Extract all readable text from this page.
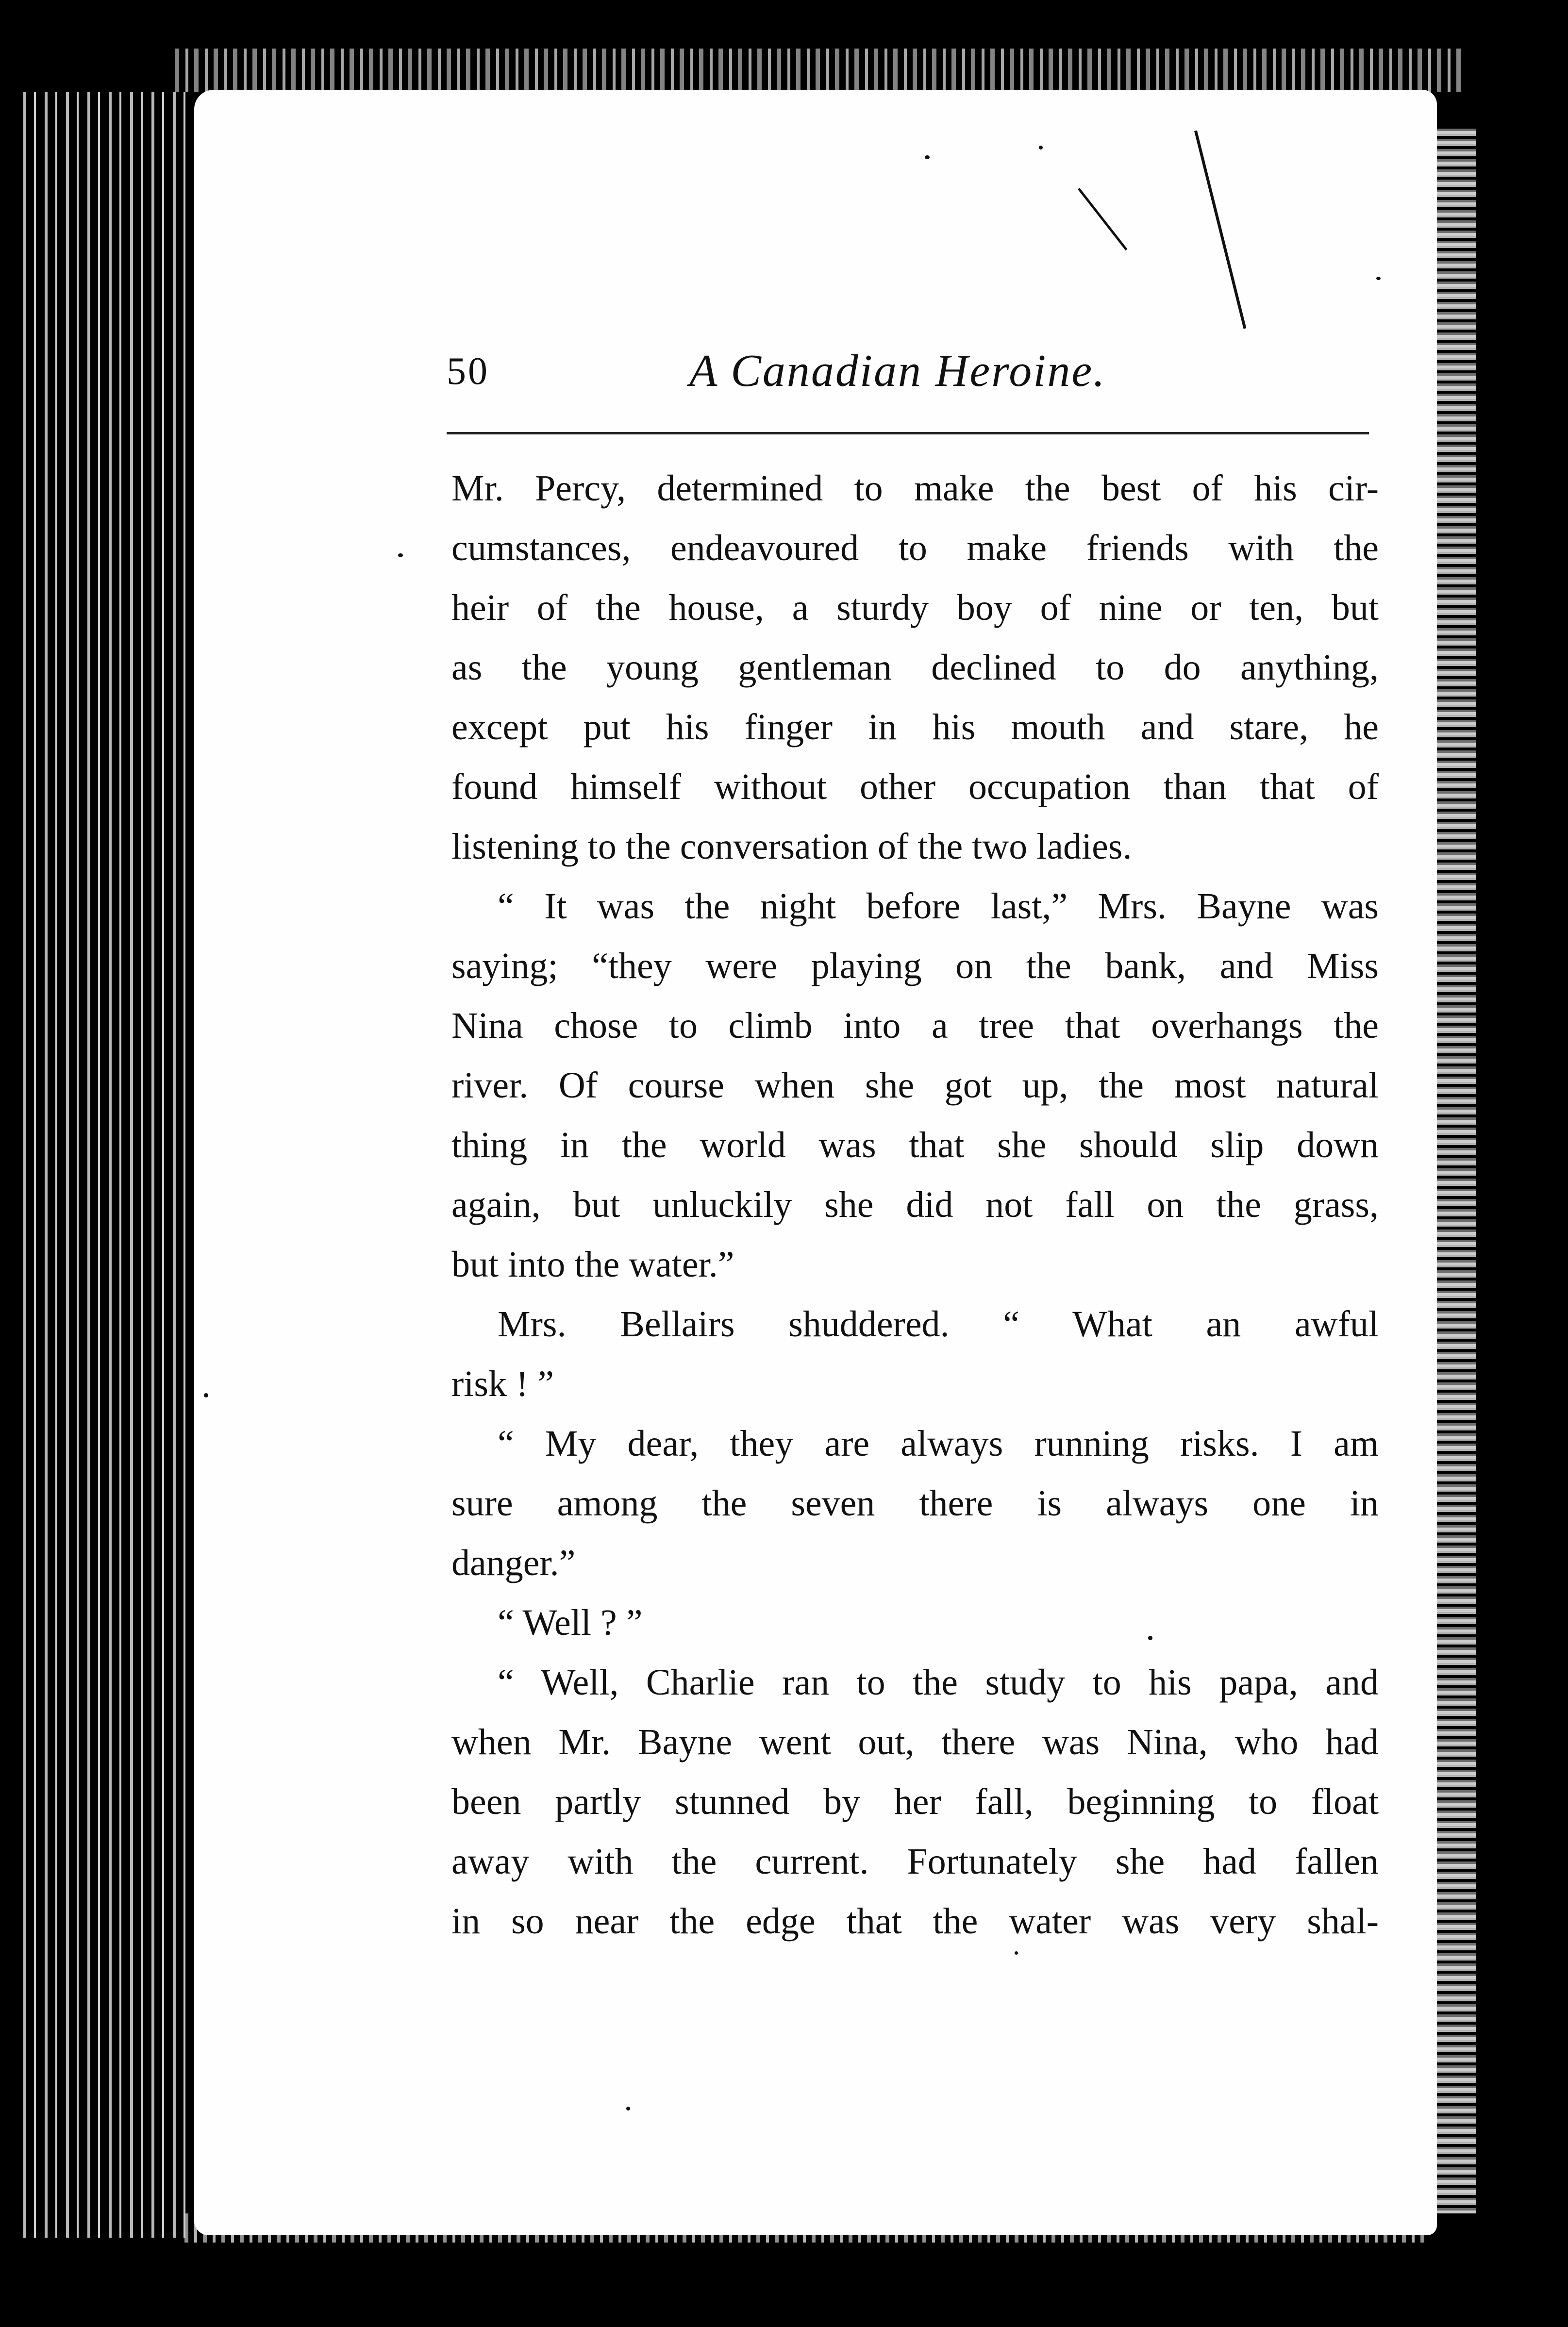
50	A Canadian Heroine.
Mr. Percy, determined to make the best of his cir-
cumstances, endeavoured to make friends with the
heir of the house, a sturdy boy of nine or ten, but
as the young gentleman declined to do anything,
except put his finger in his mouth and stare, he
found himself without other occupation than that of
listening to the conversation of the two ladies.
“ It was the night before last,” Mrs. Bayne was
saying; “they were playing on the bank, and Miss
Nina chose to climb into a tree that overhangs the
river. Of course when she got up, the most natural
thing in the world was that she should slip down
again, but unluckily she did not fall on the grass,
but into the water.”
Mrs. Bellairs shuddered. “ What an awful
risk ! ”
“ My dear, they are always running risks. I am
sure among the seven there is always one in
danger.”
“ Well ? ”
“ Well, Charlie ran to the study to his papa, and
when Mr. Bayne went out, there was Nina, who had
been partly stunned by her fall, beginning to float
away with the current. Fortunately she had fallen
in so near the edge that the water was very shal-
